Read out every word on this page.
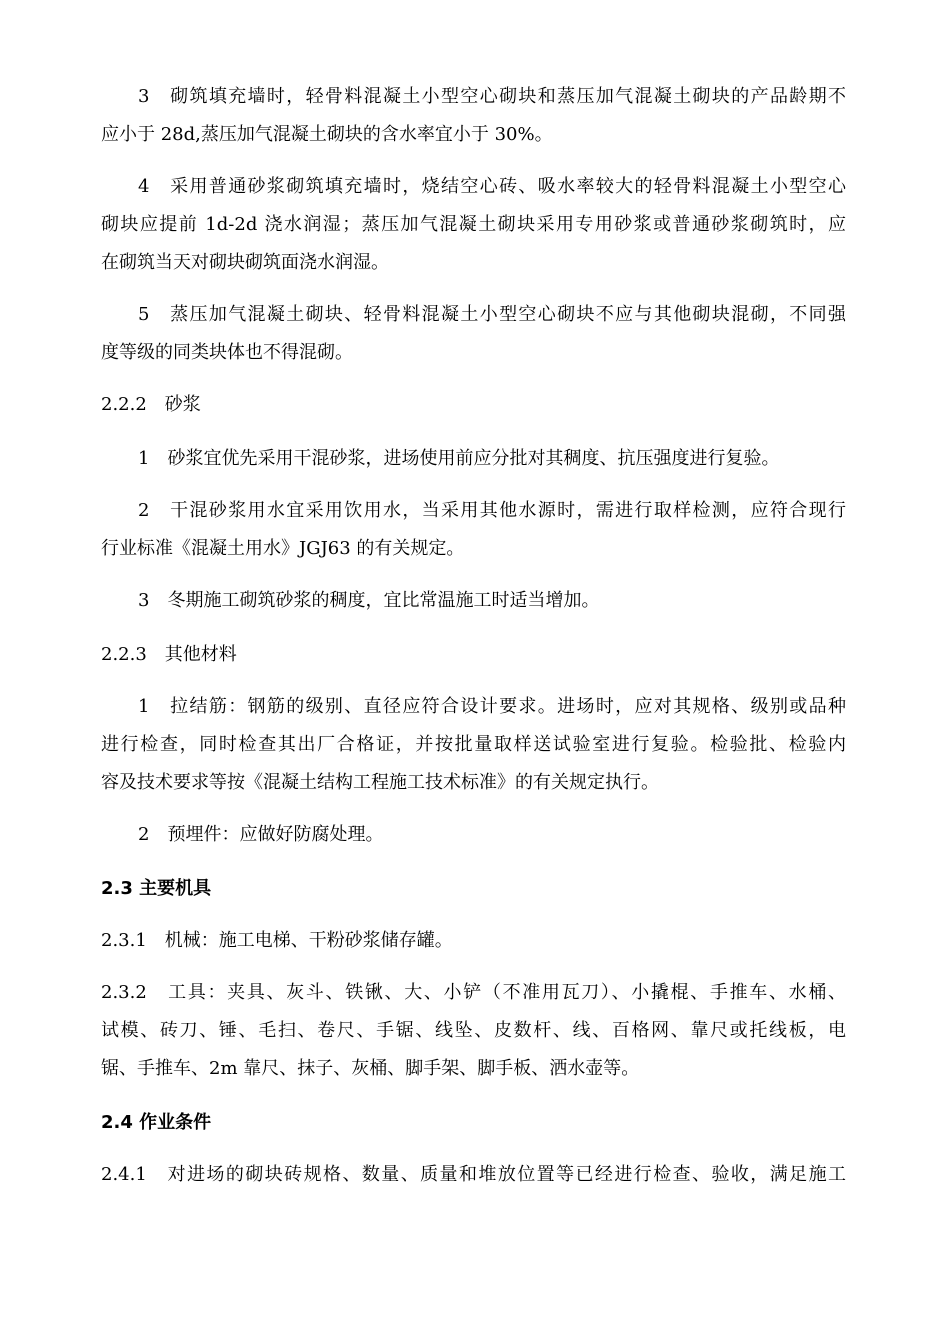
3　砌筑填充墙时，轻骨料混凝土小型空心砌块和蒸压加气混凝土砌块的产品龄期不
应小于 28d,蒸压加气混凝土砌块的含水率宜小于 30%。
4　采用普通砂浆砌筑填充墙时，烧结空心砖、吸水率较大的轻骨料混凝土小型空心
砌块应提前 1d-2d 浇水润湿；蒸压加气混凝土砌块采用专用砂浆或普通砂浆砌筑时，应
在砌筑当天对砌块砌筑面浇水润湿。
5　蒸压加气混凝土砌块、轻骨料混凝土小型空心砌块不应与其他砌块混砌，不同强
度等级的同类块体也不得混砌。
2.2.2　砂浆
1　砂浆宜优先采用干混砂浆，进场使用前应分批对其稠度、抗压强度进行复验。
2　干混砂浆用水宜采用饮用水，当采用其他水源时，需进行取样检测，应符合现行
行业标准《混凝土用水》JGJ63 的有关规定。
3　冬期施工砌筑砂浆的稠度，宜比常温施工时适当增加。
2.2.3　其他材料
1　拉结筋：钢筋的级别、直径应符合设计要求。进场时，应对其规格、级别或品种
进行检查，同时检查其出厂合格证，并按批量取样送试验室进行复验。检验批、检验内
容及技术要求等按《混凝土结构工程施工技术标准》的有关规定执行。
2　预埋件：应做好防腐处理。
2.3 主要机具
2.3.1　机械：施工电梯、干粉砂浆储存罐。
2.3.2　工具：夹具、灰斗、铁锹、大、小铲（不准用瓦刀）、小撬棍、手推车、水桶、
试模、砖刀、锤、毛扫、卷尺、手锯、线坠、皮数杆、线、百格网、靠尺或托线板，电
锯、手推车、2m 靠尺、抹子、灰桶、脚手架、脚手板、洒水壶等。
2.4 作业条件
2.4.1　对进场的砌块砖规格、数量、质量和堆放位置等已经进行检查、验收，满足施工
